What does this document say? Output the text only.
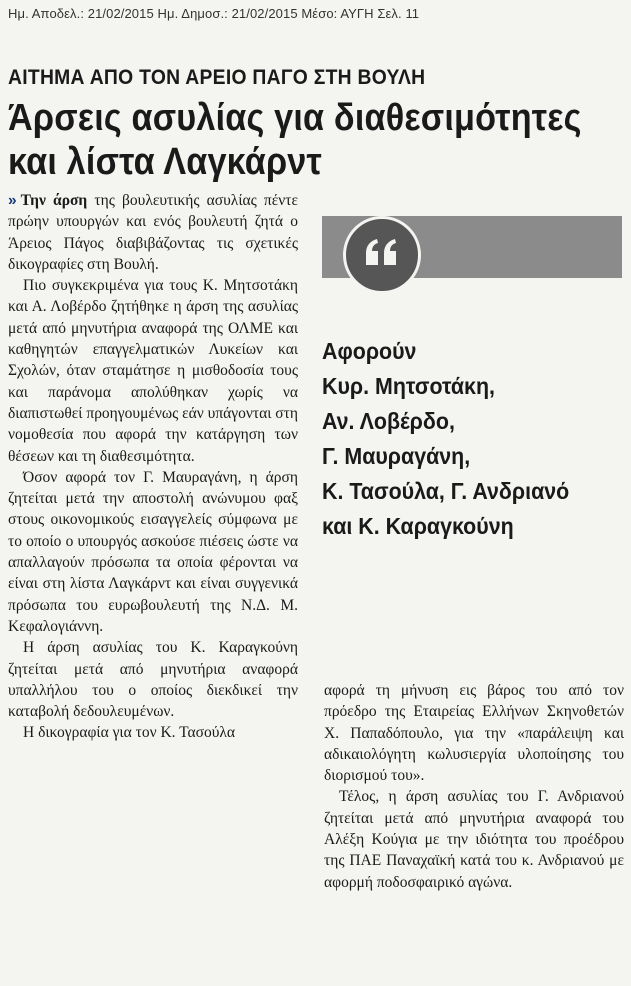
Ημ. Αποδελ.: 21/02/2015 Ημ. Δημοσ.: 21/02/2015 Μέσο: ΑΥΓΗ Σελ. 11
ΑΙΤΗΜΑ ΑΠΟ ΤΟΝ ΑΡΕΙΟ ΠΑΓΟ ΣΤΗ ΒΟΥΛΗ
Άρσεις ασυλίας για διαθεσιμότητες
και λίστα Λαγκάρντ

» Την άρση της βουλευτικής ασυλίας πέντε πρώην υπουργών και ενός βουλευτή ζητά ο Άρειος Πάγος διαβιβάζοντας τις σχετικές δικογραφίες στη Βουλή.

Πιο συγκεκριμένα για τους Κ. Μητσοτάκη και Α. Λοβέρδο ζητήθηκε η άρση της ασυλίας μετά από μηνυτήρια αναφορά της ΟΛΜΕ και καθηγητών επαγγελματικών Λυκείων και Σχολών, όταν σταμάτησε η μισθοδοσία τους και παράνομα απολύθηκαν χωρίς να διαπιστωθεί προηγουμένως εάν υπάγονται στη νομοθεσία που αφορά την κατάργηση των θέσεων και τη διαθεσιμότητα.

Όσον αφορά τον Γ. Μαυραγάνη, η άρση ζητείται μετά την αποστολή ανώνυμου φαξ στους οικονομικούς εισαγγελείς σύμφωνα με το οποίο ο υπουργός ασκούσε πιέσεις ώστε να απαλλαγούν πρόσωπα τα οποία φέρονται να είναι στη λίστα Λαγκάρντ και είναι συγγενικά πρόσωπα του ευρωβουλευτή της Ν.Δ. Μ. Κεφαλογιάννη.

Η άρση ασυλίας του Κ. Καραγκούνη ζητείται μετά από μηνυτήρια αναφορά υπαλλήλου του ο οποίος διεκδικεί την καταβολή δεδουλευμένων.

Η δικογραφία για τον Κ. Τασούλα

Αφορούν
Κυρ. Μητσοτάκη,
Αν. Λοβέρδο,
Γ. Μαυραγάνη,
Κ. Τασούλα, Γ. Ανδριανό
και Κ. Καραγκούνη

αφορά τη μήνυση εις βάρος του από τον πρόεδρο της Εταιρείας Ελλήνων Σκηνοθετών Χ. Παπαδόπουλο, για την «παράλειψη και αδικαιολόγητη κωλυσιεργία υλοποίησης του διορισμού του».

Τέλος, η άρση ασυλίας του Γ. Ανδριανού ζητείται μετά από μηνυτήρια αναφορά του Αλέξη Κούγια με την ιδιότητα του προέδρου της ΠΑΕ Παναχαϊκή κατά του κ. Ανδριανού με αφορμή ποδοσφαιρικό αγώνα.
